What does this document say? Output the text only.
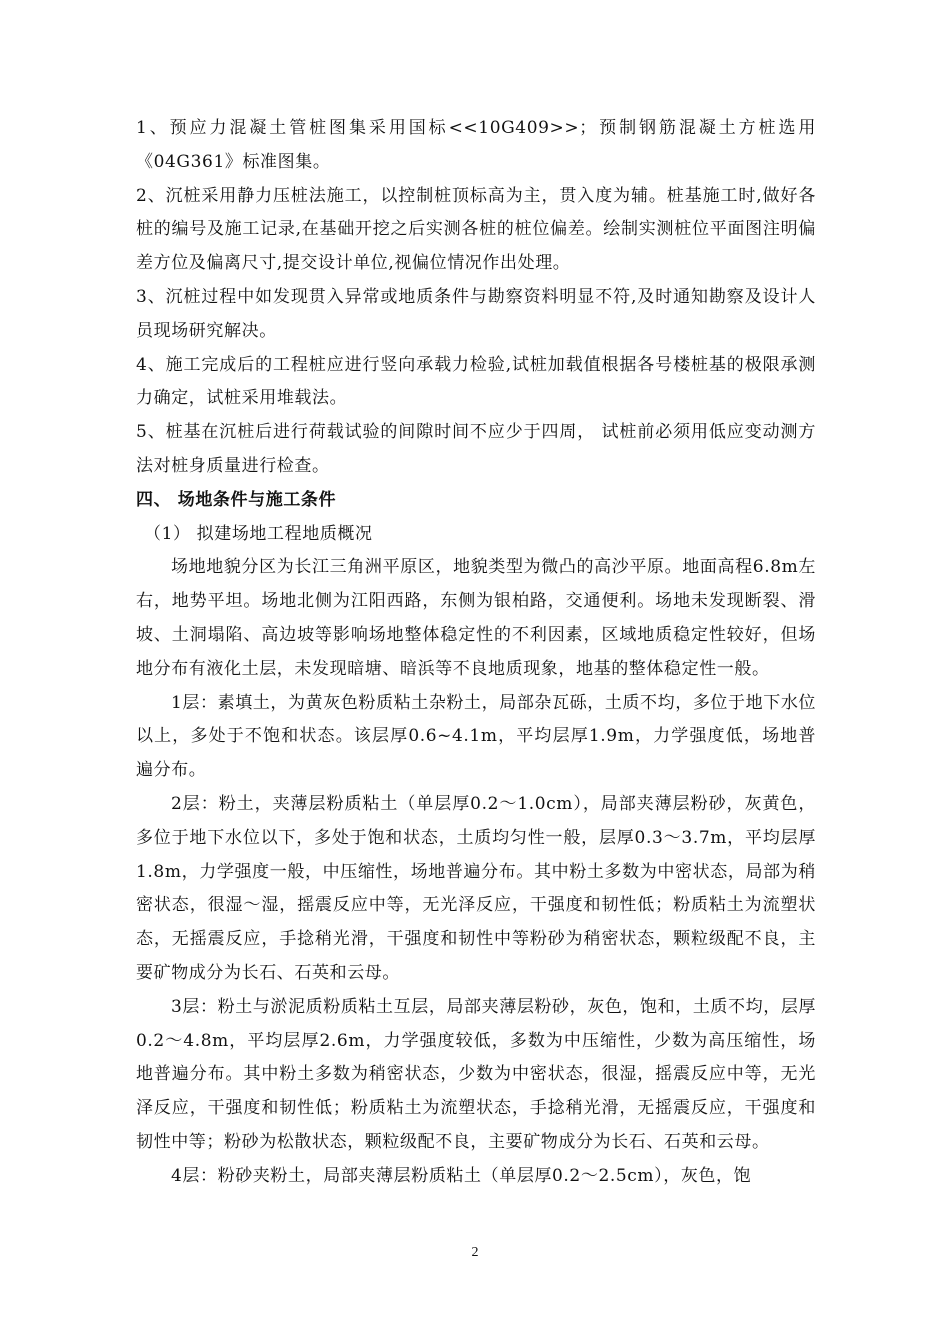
1、预应力混凝土管桩图集采用国标<<10G409>>；预制钢筋混凝土方桩选用《04G361》标准图集。

2、沉桩采用静力压桩法施工，以控制桩顶标高为主，贯入度为辅。桩基施工时,做好各桩的编号及施工记录,在基础开挖之后实测各桩的桩位偏差。绘制实测桩位平面图注明偏差方位及偏离尺寸,提交设计单位,视偏位情况作出处理。

3、沉桩过程中如发现贯入异常或地质条件与勘察资料明显不符,及时通知勘察及设计人员现场研究解决。

4、施工完成后的工程桩应进行竖向承载力检验,试桩加载值根据各号楼桩基的极限承测力确定，试桩采用堆载法。

5、桩基在沉桩后进行荷载试验的间隙时间不应少于四周， 试桩前必须用低应变动测方法对桩身质量进行检查。

四、 场地条件与施工条件

（1） 拟建场地工程地质概况

场地地貌分区为长江三角洲平原区，地貌类型为微凸的高沙平原。地面高程6.8m左右，地势平坦。场地北侧为江阳西路，东侧为银柏路，交通便利。场地未发现断裂、滑坡、土洞塌陷、高边坡等影响场地整体稳定性的不利因素，区域地质稳定性较好，但场地分布有液化土层，未发现暗塘、暗浜等不良地质现象，地基的整体稳定性一般。

1层：素填土，为黄灰色粉质粘土杂粉土，局部杂瓦砾，土质不均，多位于地下水位以上，多处于不饱和状态。该层厚0.6~4.1m，平均层厚1.9m，力学强度低，场地普遍分布。

2层：粉土，夹薄层粉质粘土（单层厚0.2～1.0cm），局部夹薄层粉砂，灰黄色，多位于地下水位以下，多处于饱和状态，土质均匀性一般，层厚0.3～3.7m，平均层厚1.8m，力学强度一般，中压缩性，场地普遍分布。其中粉土多数为中密状态，局部为稍密状态，很湿～湿，摇震反应中等，无光泽反应，干强度和韧性低；粉质粘土为流塑状态，无摇震反应，手捻稍光滑，干强度和韧性中等粉砂为稍密状态，颗粒级配不良，主要矿物成分为长石、石英和云母。

3层：粉土与淤泥质粉质粘土互层，局部夹薄层粉砂，灰色，饱和，土质不均，层厚0.2～4.8m，平均层厚2.6m，力学强度较低，多数为中压缩性，少数为高压缩性，场地普遍分布。其中粉土多数为稍密状态，少数为中密状态，很湿，摇震反应中等，无光泽反应，干强度和韧性低；粉质粘土为流塑状态，手捻稍光滑，无摇震反应，干强度和韧性中等；粉砂为松散状态，颗粒级配不良，主要矿物成分为长石、石英和云母。

4层：粉砂夹粉土，局部夹薄层粉质粘土（单层厚0.2～2.5cm），灰色，饱

2
